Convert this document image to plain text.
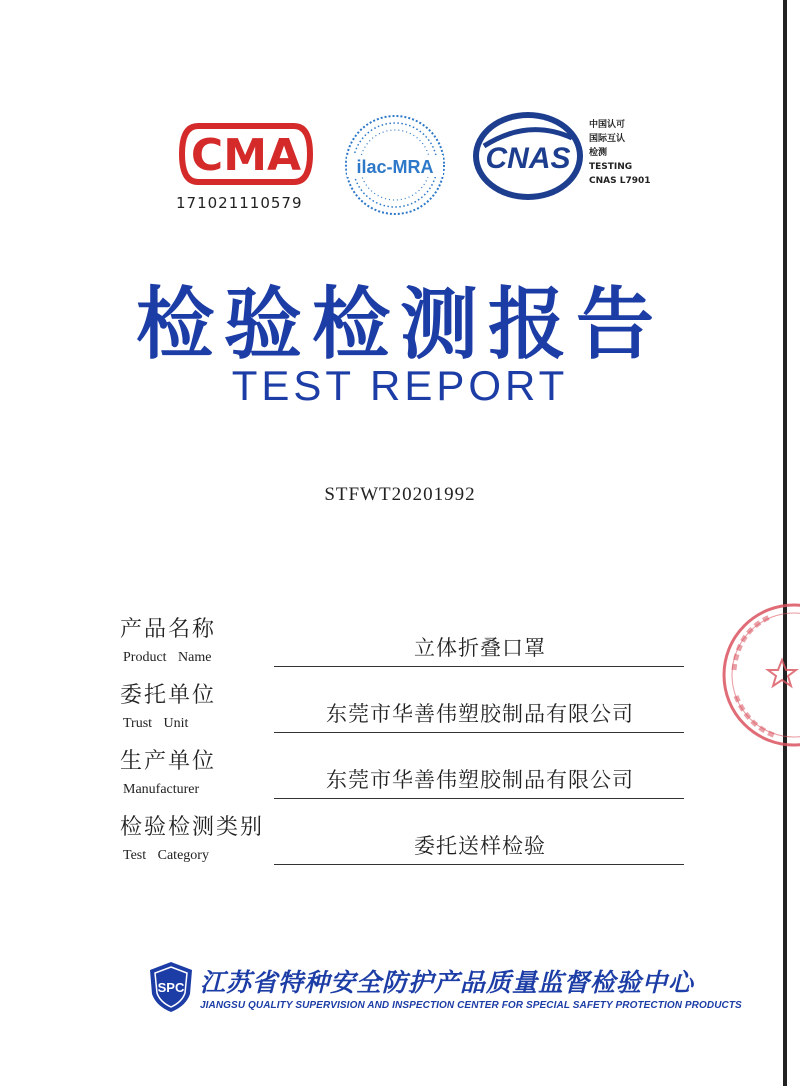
CMA
171021110579
ilac-MRA CNAS
中国认可
国际互认
检测
TESTING
CNAS L7901
检验检测报告
TEST REPORT
STFWT20201992
产品名称
Product Name	立体折叠口罩
委托单位
Trust Unit	东莞市华善伟塑胶制品有限公司
生产单位
Manufacturer	东莞市华善伟塑胶制品有限公司
检验检测类别
Test Category	委托送样检验
SPC 江苏省特种安全防护产品质量监督检验中心
JIANGSU QUALITY SUPERVISION AND INSPECTION CENTER FOR SPECIAL SAFETY PROTECTION PRODUCTS
